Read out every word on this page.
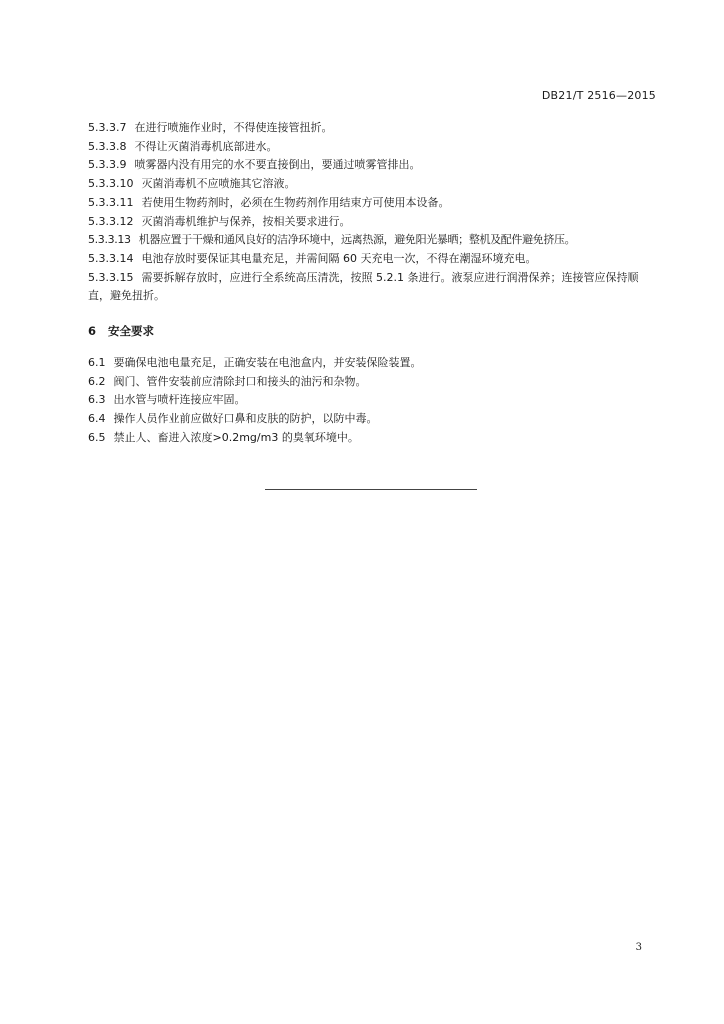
DB21/T 2516—2015
5.3.3.7 在进行喷施作业时，不得使连接管扭折。
5.3.3.8 不得让灭菌消毒机底部进水。
5.3.3.9 喷雾器内没有用完的水不要直接倒出，要通过喷雾管排出。
5.3.3.10 灭菌消毒机不应喷施其它溶液。
5.3.3.11 若使用生物药剂时，必须在生物药剂作用结束方可使用本设备。
5.3.3.12 灭菌消毒机维护与保养，按相关要求进行。
5.3.3.13 机器应置于干燥和通风良好的洁净环境中，远离热源，避免阳光暴晒；整机及配件避免挤压。
5.3.3.14 电池存放时要保证其电量充足，并需间隔 60 天充电一次，不得在潮湿环境充电。
5.3.3.15 需要拆解存放时，应进行全系统高压清洗，按照 5.2.1 条进行。液泵应进行润滑保养；连接管应保持顺直，避免扭折。
6 安全要求
6.1 要确保电池电量充足，正确安装在电池盒内，并安装保险装置。
6.2 阀门、管件安装前应清除封口和接头的油污和杂物。
6.3 出水管与喷杆连接应牢固。
6.4 操作人员作业前应做好口鼻和皮肤的防护，以防中毒。
6.5 禁止人、畜进入浓度>0.2mg/m3 的臭氧环境中。
3
